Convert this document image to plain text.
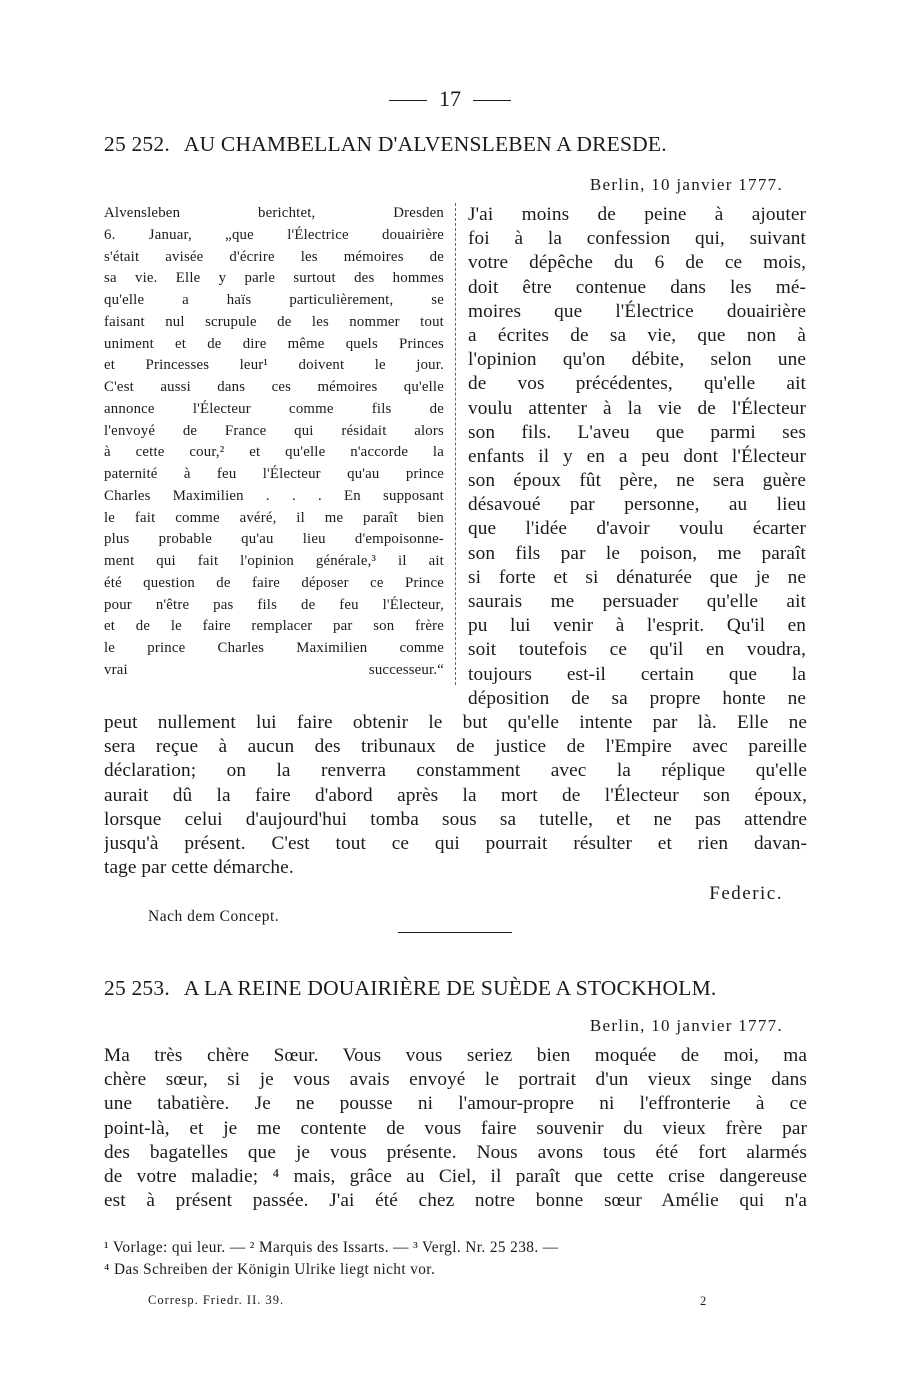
17
25 252. AU CHAMBELLAN D'ALVENSLEBEN A DRESDE.
Berlin, 10 janvier 1777.
Alvensleben berichtet, Dresden
6. Januar, „que l'Électrice douairière
s'était avisée d'écrire les mémoires de
sa vie. Elle y parle surtout des hommes
qu'elle a haïs particulièrement, se
faisant nul scrupule de les nommer tout
uniment et de dire même quels Princes
et Princesses leur¹ doivent le jour.
C'est aussi dans ces mémoires qu'elle
annonce l'Électeur comme fils de
l'envoyé de France qui résidait alors
à cette cour,² et qu'elle n'accorde la
paternité à feu l'Électeur qu'au prince
Charles Maximilien . . . En supposant
le fait comme avéré, il me paraît bien
plus probable qu'au lieu d'empoisonne-
ment qui fait l'opinion générale,³ il ait
été question de faire déposer ce Prince
pour n'être pas fils de feu l'Électeur,
et de le faire remplacer par son frère
le prince Charles Maximilien comme
vrai successeur.“
J'ai moins de peine à ajouter
foi à la confession qui, suivant
votre dépêche du 6 de ce mois,
doit être contenue dans les mé-
moires que l'Électrice douairière
a écrites de sa vie, que non à
l'opinion qu'on débite, selon une
de vos précédentes, qu'elle ait
voulu attenter à la vie de l'Électeur
son fils. L'aveu que parmi ses
enfants il y en a peu dont l'Électeur
son époux fût père, ne sera guère
désavoué par personne, au lieu
que l'idée d'avoir voulu écarter
son fils par le poison, me paraît
si forte et si dénaturée que je ne
saurais me persuader qu'elle ait
pu lui venir à l'esprit. Qu'il en
soit toutefois ce qu'il en voudra,
toujours est-il certain que la
déposition de sa propre honte ne
peut nullement lui faire obtenir le but qu'elle intente par là. Elle ne
sera reçue à aucun des tribunaux de justice de l'Empire avec pareille
déclaration; on la renverra constamment avec la réplique qu'elle
aurait dû la faire d'abord après la mort de l'Électeur son époux,
lorsque celui d'aujourd'hui tomba sous sa tutelle, et ne pas attendre
jusqu'à présent. C'est tout ce qui pourrait résulter et rien davan-
tage par cette démarche.
Federic.
Nach dem Concept.
25 253. A LA REINE DOUAIRIÈRE DE SUÈDE A STOCKHOLM.
Berlin, 10 janvier 1777.
Ma très chère Sœur. Vous vous seriez bien moquée de moi, ma
chère sœur, si je vous avais envoyé le portrait d'un vieux singe dans
une tabatière. Je ne pousse ni l'amour-propre ni l'effronterie à ce
point-là, et je me contente de vous faire souvenir du vieux frère par
des bagatelles que je vous présente. Nous avons tous été fort alarmés
de votre maladie; ⁴ mais, grâce au Ciel, il paraît que cette crise dangereuse
est à présent passée. J'ai été chez notre bonne sœur Amélie qui n'a
¹ Vorlage: qui leur. — ² Marquis des Issarts. — ³ Vergl. Nr. 25 238. —
⁴ Das Schreiben der Königin Ulrike liegt nicht vor.
Corresp. Friedr. II. 39.	2
